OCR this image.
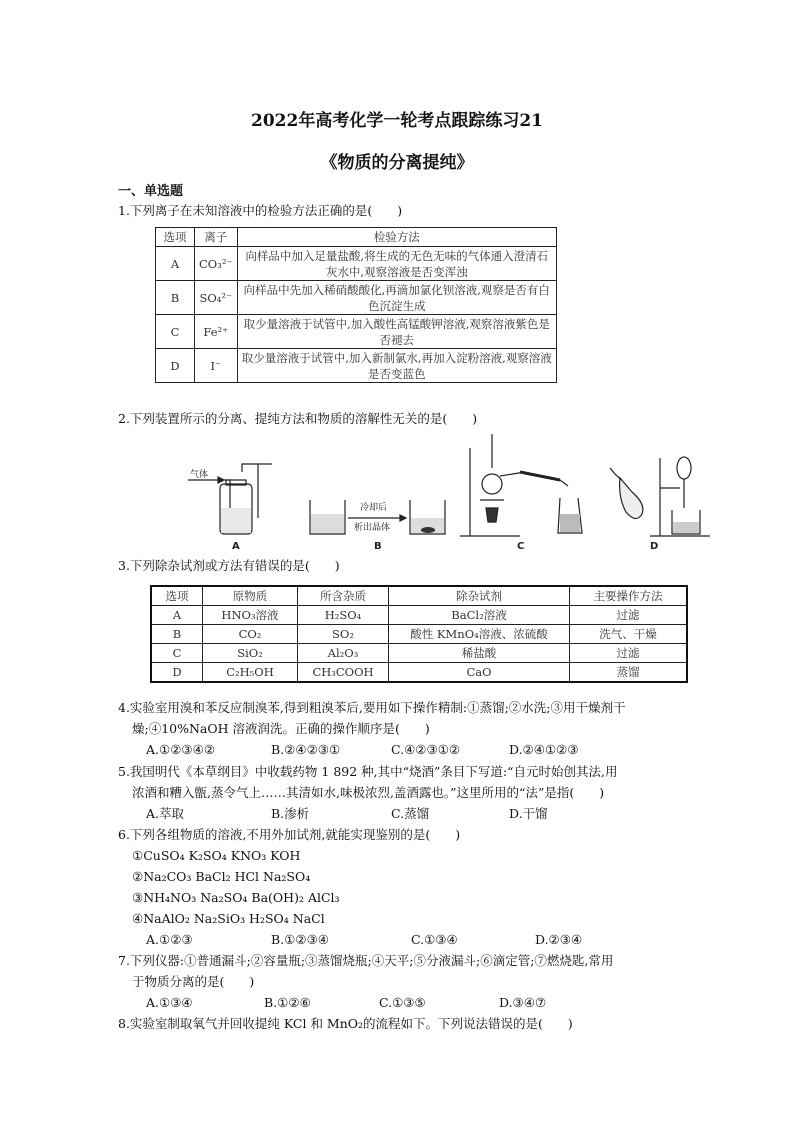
2022年高考化学一轮考点跟踪练习21
《物质的分离提纯》
一、单选题
1.下列离子在未知溶液中的检验方法正确的是(　　)
选项	离子	检验方法
A	CO₃²⁻	向样品中加入足量盐酸,将生成的无色无味的气体通入澄清石灰水中,观察溶液是否变浑浊
B	SO₄²⁻	向样品中先加入稀硝酸酸化,再滴加氯化钡溶液,观察是否有白色沉淀生成
C	Fe²⁺	取少量溶液于试管中,加入酸性高锰酸钾溶液,观察溶液紫色是否褪去
D	I⁻	取少量溶液于试管中,加入新制氯水,再加入淀粉溶液,观察溶液是否变蓝色
2.下列装置所示的分离、提纯方法和物质的溶解性无关的是(　　)
气体
A
冷却后
析出晶体
B	C	D
3.下列除杂试剂或方法有错误的是(　　)
选项	原物质	所含杂质	除杂试剂	主要操作方法
A	HNO₃溶液	H₂SO₄	BaCl₂溶液	过滤
B	CO₂	SO₂	酸性 KMnO₄溶液、浓硫酸	洗气、干燥
C	SiO₂	Al₂O₃	稀盐酸	过滤
D	C₂H₅OH	CH₃COOH	CaO	蒸馏
4.实验室用溴和苯反应制溴苯,得到粗溴苯后,要用如下操作精制:①蒸馏;②水洗;③用干燥剂干
燥;④10%NaOH 溶液润洗。正确的操作顺序是(　　)
A.①②③④②	B.②④②③①	C.④②③①②	D.②④①②③
5.我国明代《本草纲目》中收载药物 1 892 种,其中“烧酒”条目下写道:“自元时始创其法,用
浓酒和糟入甑,蒸令气上……其清如水,味极浓烈,盖酒露也。”这里所用的“法”是指(　　)
A.萃取	B.渗析	C.蒸馏	D.干馏
6.下列各组物质的溶液,不用外加试剂,就能实现鉴别的是(　　)
①CuSO₄ K₂SO₄ KNO₃ KOH
②Na₂CO₃ BaCl₂ HCl Na₂SO₄
③NH₄NO₃ Na₂SO₄ Ba(OH)₂ AlCl₃
④NaAlO₂ Na₂SiO₃ H₂SO₄ NaCl
A.①②③	B.①②③④	C.①③④	D.②③④
7.下列仪器:①普通漏斗;②容量瓶;③蒸馏烧瓶;④天平;⑤分液漏斗;⑥滴定管;⑦燃烧匙,常用
于物质分离的是(　　)
A.①③④	B.①②⑥	C.①③⑤	D.③④⑦
8.实验室制取氧气并回收提纯 KCl 和 MnO₂的流程如下。下列说法错误的是(　　)
